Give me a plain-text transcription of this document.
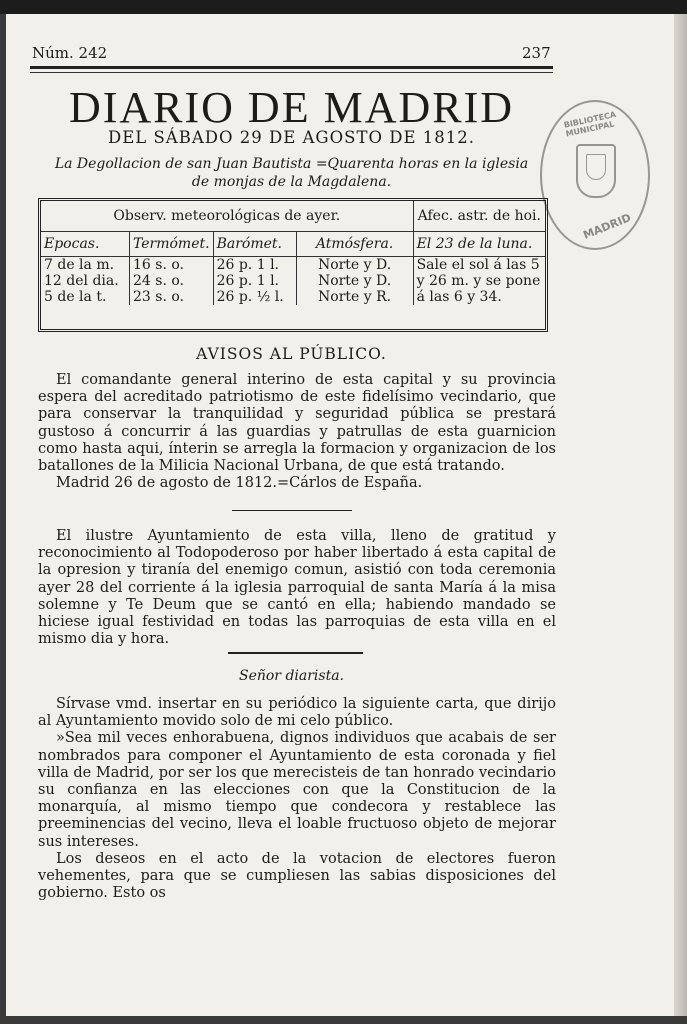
Núm. 242	237
DIARIO DE MADRID
DEL SÁBADO 29 DE AGOSTO DE 1812.
La Degollacion de san Juan Bautista =Quarenta horas en la iglesia
de monjas de la Magdalena.
BIBLIOTECA MUNICIPAL
MADRID
Observ. meteorológicas de ayer.				Afec. astr. de hoi.
Epocas.	Termómet.	Barómet.	Atmósfera.	El 23 de la luna.
7 de la m.	16 s. o.	26 p. 1 l.	Norte y D.	Sale el sol á las 5
12 del dia.	24 s. o.	26 p. 1 l.	Norte y D.	y 26 m. y se pone
5 de la t.	23 s. o.	26 p. ½ l.	Norte y R.	á las 6 y 34.
AVISOS AL PÚBLICO.

El comandante general interino de esta capital y su provincia espera del acreditado patriotismo de este fidelísimo vecindario, que para conservar la tranquilidad y seguridad pública se prestará gustoso á concurrir á las guardias y patrullas de esta guarnicion como hasta aqui, ínterin se arregla la formacion y organizacion de los batallones de la Milicia Nacional Urbana, de que está tratando.

Madrid 26 de agosto de 1812.=Cárlos de España.

El ilustre Ayuntamiento de esta villa, lleno de gratitud y reconocimiento al Todopoderoso por haber libertado á esta capital de la opresion y tiranía del enemigo comun, asistió con toda ceremonia ayer 28 del corriente á la iglesia parroquial de santa María á la misa solemne y Te Deum que se cantó en ella; habiendo mandado se hiciese igual festividad en todas las parroquias de esta villa en el mismo dia y hora.

Señor diarista.

Sírvase vmd. insertar en su periódico la siguiente carta, que dirijo al Ayuntamiento movido solo de mi celo público.

»Sea mil veces enhorabuena, dignos individuos que acabais de ser nombrados para componer el Ayuntamiento de esta coronada y fiel villa de Madrid, por ser los que merecisteis de tan honrado vecindario su confianza en las elecciones con que la Constitucion de la monarquía, al mismo tiempo que condecora y restablece las preeminencias del vecino, lleva el loable fructuoso objeto de mejorar sus intereses.

Los deseos en el acto de la votacion de electores fueron vehementes, para que se cumpliesen las sabias disposiciones del gobierno. Esto os
